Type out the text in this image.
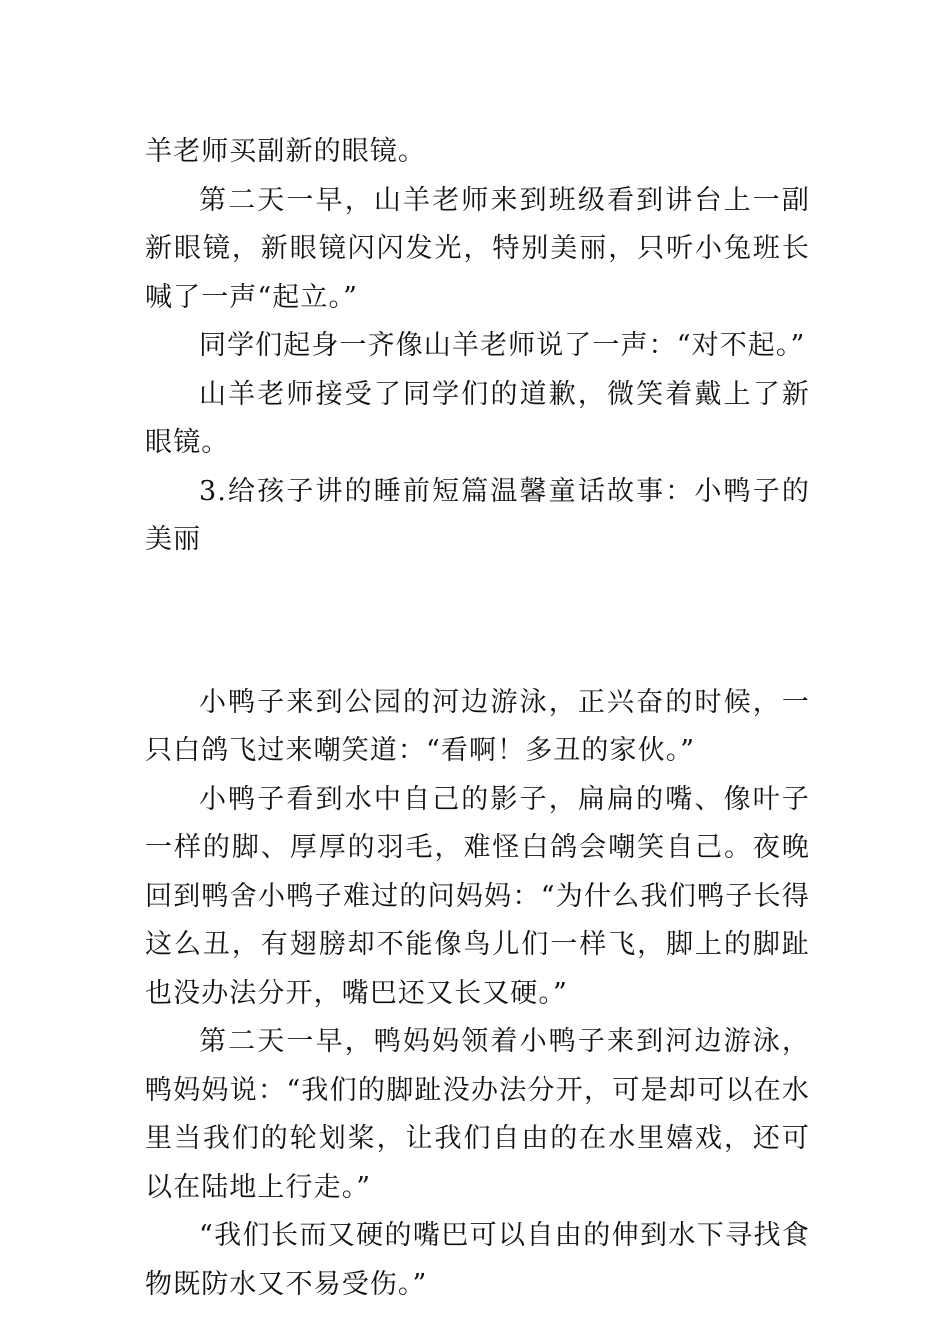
羊老师买副新的眼镜。

第二天一早，山羊老师来到班级看到讲台上一副新眼镜，新眼镜闪闪发光，特别美丽，只听小兔班长喊了一声“起立。”

同学们起身一齐像山羊老师说了一声：“对不起。”

山羊老师接受了同学们的道歉，微笑着戴上了新眼镜。

3.给孩子讲的睡前短篇温馨童话故事：小鸭子的美丽

小鸭子来到公园的河边游泳，正兴奋的时候，一只白鸽飞过来嘲笑道：“看啊！多丑的家伙。”

小鸭子看到水中自己的影子，扁扁的嘴、像叶子一样的脚、厚厚的羽毛，难怪白鸽会嘲笑自己。夜晚回到鸭舍小鸭子难过的问妈妈：“为什么我们鸭子长得这么丑，有翅膀却不能像鸟儿们一样飞，脚上的脚趾也没办法分开，嘴巴还又长又硬。”

第二天一早，鸭妈妈领着小鸭子来到河边游泳，鸭妈妈说：“我们的脚趾没办法分开，可是却可以在水里当我们的轮划桨，让我们自由的在水里嬉戏，还可以在陆地上行走。”

“我们长而又硬的嘴巴可以自由的伸到水下寻找食物既防水又不易受伤。”
